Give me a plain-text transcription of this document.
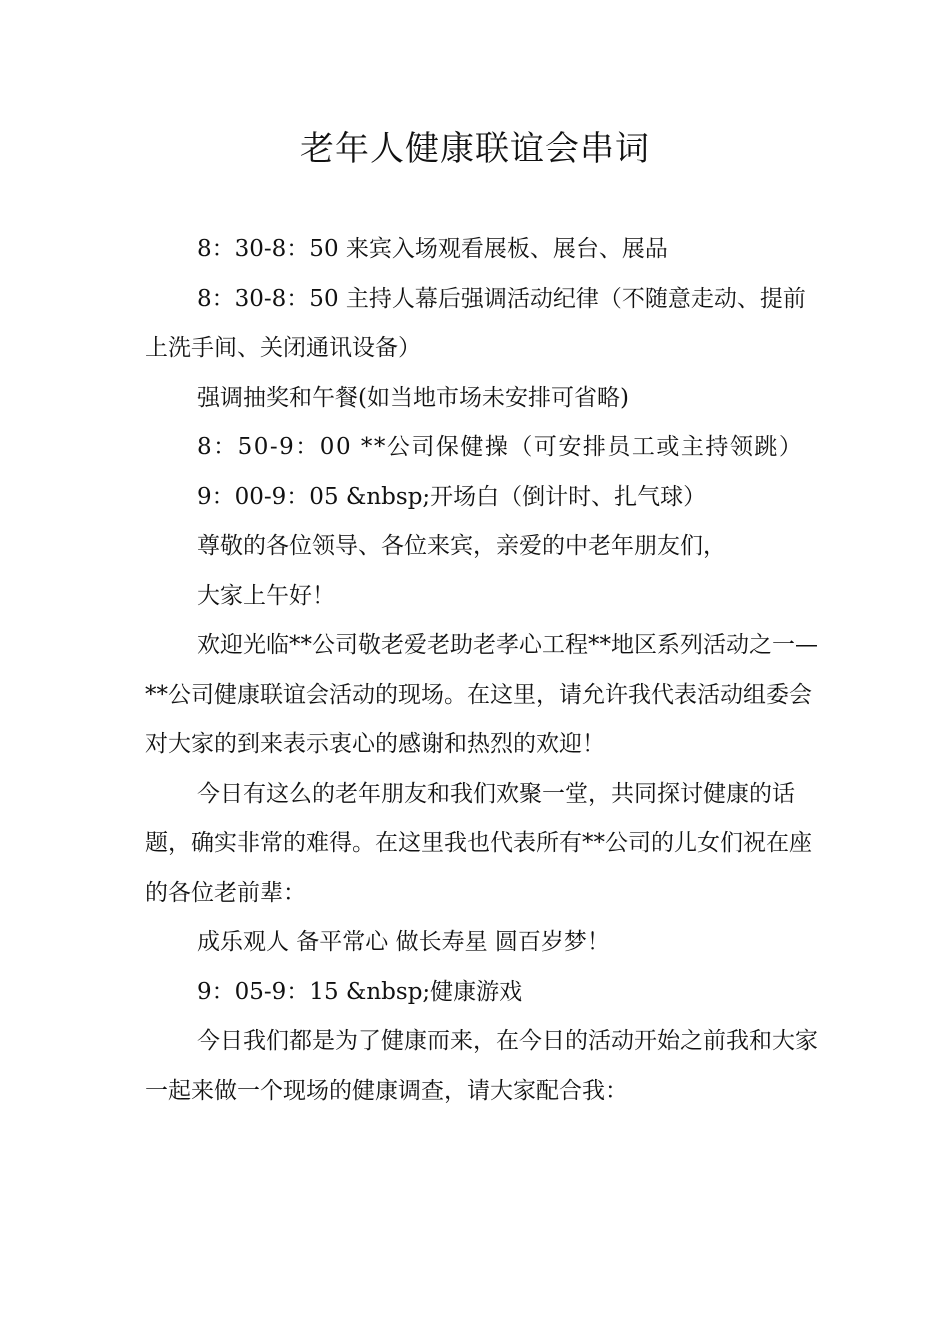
老年人健康联谊会串词

8：30-8：50 来宾入场观看展板、展台、展品

8：30-8：50 主持人幕后强调活动纪律（不随意走动、提前上洗手间、关闭通讯设备）

强调抽奖和午餐(如当地市场未安排可省略)

8：50-9：00 **公司保健操（可安排员工或主持领跳）

9：00-9：05 &nbsp;开场白（倒计时、扎气球）

尊敬的各位领导、各位来宾，亲爱的中老年朋友们，

大家上午好！

欢迎光临**公司敬老爱老助老孝心工程**地区系列活动之一—**公司健康联谊会活动的现场。在这里，请允许我代表活动组委会对大家的到来表示衷心的感谢和热烈的欢迎！

今日有这么的老年朋友和我们欢聚一堂，共同探讨健康的话题，确实非常的难得。在这里我也代表所有**公司的儿女们祝在座的各位老前辈：

成乐观人 备平常心 做长寿星 圆百岁梦！

9：05-9：15 &nbsp;健康游戏

今日我们都是为了健康而来，在今日的活动开始之前我和大家一起来做一个现场的健康调查，请大家配合我：
